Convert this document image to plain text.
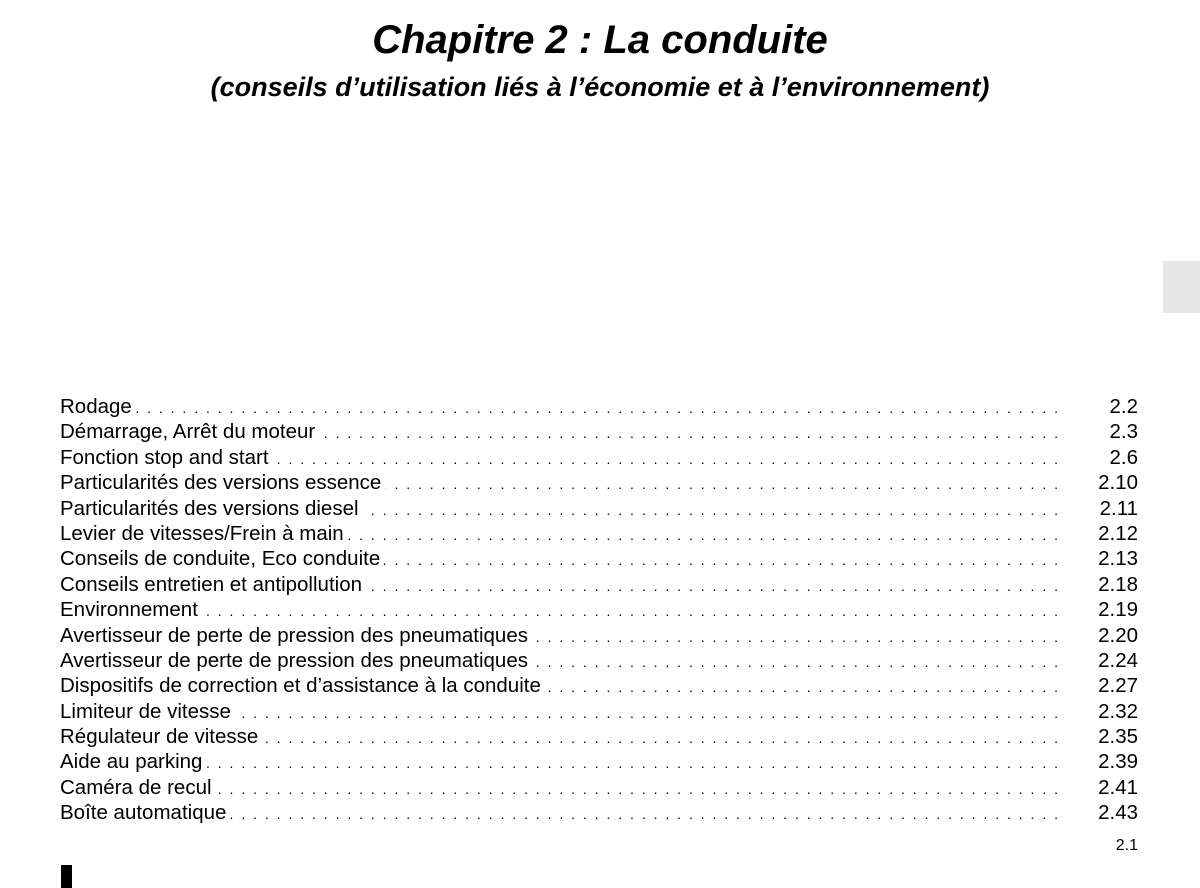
Chapitre 2 : La conduite
(conseils d’utilisation liés à l’économie et à l’environnement)
Rodage . . .	2.2
Démarrage, Arrêt du moteur . . .	2.3
Fonction stop and start . . .	2.6
Particularités des versions essence . . .	2.10
Particularités des versions diesel . . .	2.11
Levier de vitesses/Frein à main . . .	2.12
Conseils de conduite, Eco conduite . . .	2.13
Conseils entretien et antipollution . . .	2.18
Environnement . . .	2.19
Avertisseur de perte de pression des pneumatiques . . .	2.20
Avertisseur de perte de pression des pneumatiques . . .	2.24
Dispositifs de correction et d’assistance à la conduite . . .	2.27
Limiteur de vitesse . . .	2.32
Régulateur de vitesse . . .	2.35
Aide au parking . . .	2.39
Caméra de recul . . .	2.41
Boîte automatique . . .	2.43
2.1
